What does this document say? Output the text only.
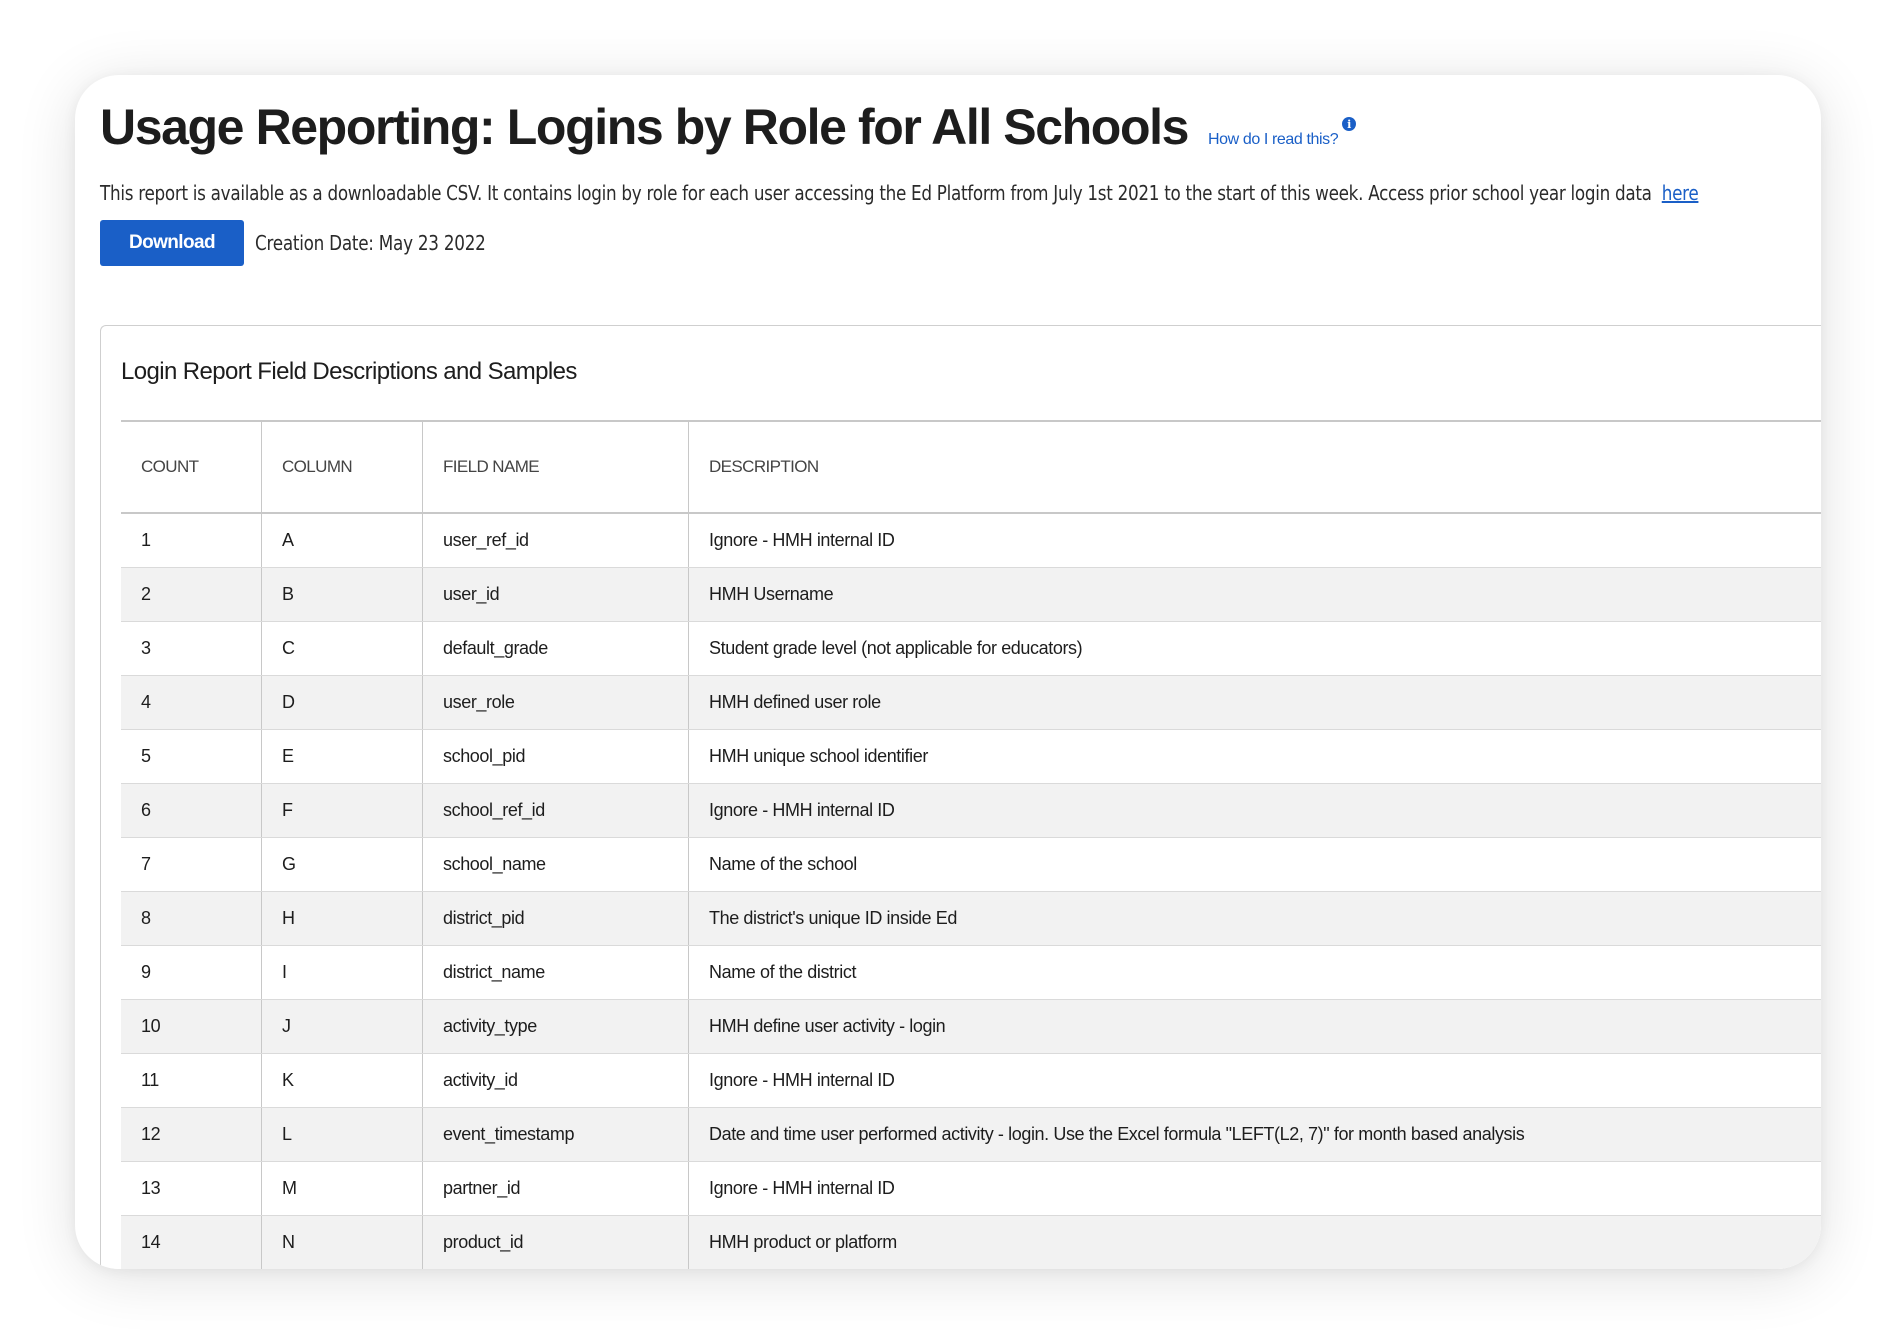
Usage Reporting: Logins by Role for All Schools How do I read this?
i
This report is available as a downloadable CSV. It contains login by role for each user accessing the Ed Platform from July 1st 2021 to the start of this week. Access prior school year login data here
Download	Creation Date: May 23 2022
Login Report Field Descriptions and Samples
COUNT	COLUMN	FIELD NAME	DESCRIPTION
1	A	user_ref_id	Ignore - HMH internal ID
2	B	user_id	HMH Username
3	C	default_grade	Student grade level (not applicable for educators)
4	D	user_role	HMH defined user role
5	E	school_pid	HMH unique school identifier
6	F	school_ref_id	Ignore - HMH internal ID
7	G	school_name	Name of the school
8	H	district_pid	The district's unique ID inside Ed
9	I	district_name	Name of the district
10	J	activity_type	HMH define user activity - login
11	K	activity_id	Ignore - HMH internal ID
12	L	event_timestamp	Date and time user performed activity - login. Use the Excel formula "LEFT(L2, 7)" for month based analysis
13	M	partner_id	Ignore - HMH internal ID
14	N	product_id	HMH product or platform
